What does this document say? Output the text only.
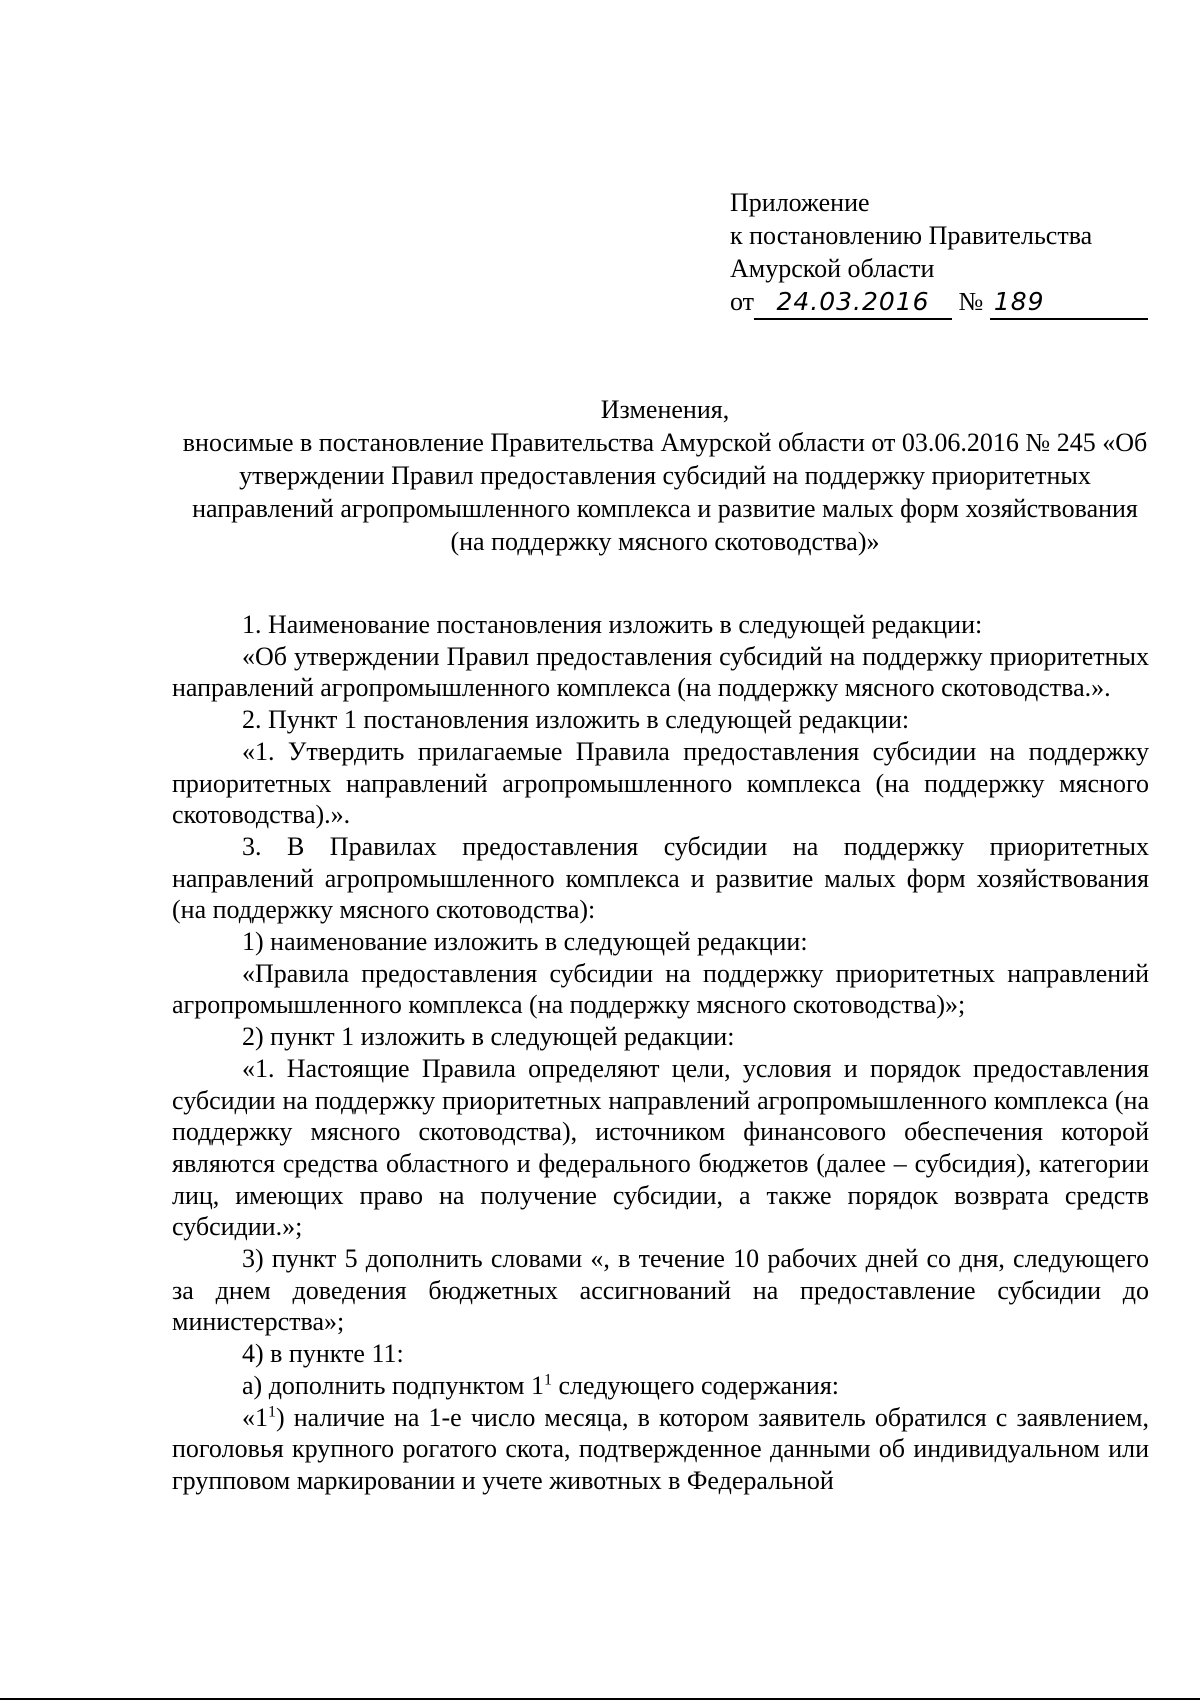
Приложение
к постановлению Правительства
Амурской области
от 24.03.2016 № 189
Изменения,
вносимые в постановление Правительства Амурской области от 03.06.2016 № 245 «Об утверждении Правил предоставления субсидий на поддержку приоритетных направлений агропромышленного комплекса и развитие малых форм хозяйствования (на поддержку мясного скотоводства)»

1. Наименование постановления изложить в следующей редакции:

«Об утверждении Правил предоставления субсидий на поддержку приоритетных направлений агропромышленного комплекса (на поддержку мясного скотоводства.».

2. Пункт 1 постановления изложить в следующей редакции:

«1. Утвердить прилагаемые Правила предоставления субсидии на поддержку приоритетных направлений агропромышленного комплекса (на поддержку мясного скотоводства).».

3. В Правилах предоставления субсидии на поддержку приоритетных направлений агропромышленного комплекса и развитие малых форм хозяйствования (на поддержку мясного скотоводства):

1) наименование изложить в следующей редакции:

«Правила предоставления субсидии на поддержку приоритетных направлений агропромышленного комплекса (на поддержку мясного скотоводства)»;

2) пункт 1 изложить в следующей редакции:

«1. Настоящие Правила определяют цели, условия и порядок предоставления субсидии на поддержку приоритетных направлений агропромышленного комплекса (на поддержку мясного скотоводства), источником финансового обеспечения которой являются средства областного и федерального бюджетов (далее – субсидия), категории лиц, имеющих право на получение субсидии, а также порядок возврата средств субсидии.»;

3) пункт 5 дополнить словами «, в течение 10 рабочих дней со дня, следующего за днем доведения бюджетных ассигнований на предоставление субсидии до министерства»;

4) в пункте 11:

а) дополнить подпунктом $1^1$ следующего содержания:

«$1^1$) наличие на 1-е число месяца, в котором заявитель обратился с заявлением, поголовья крупного рогатого скота, подтвержденное данными об индивидуальном или групповом маркировании и учете животных в Федеральной
